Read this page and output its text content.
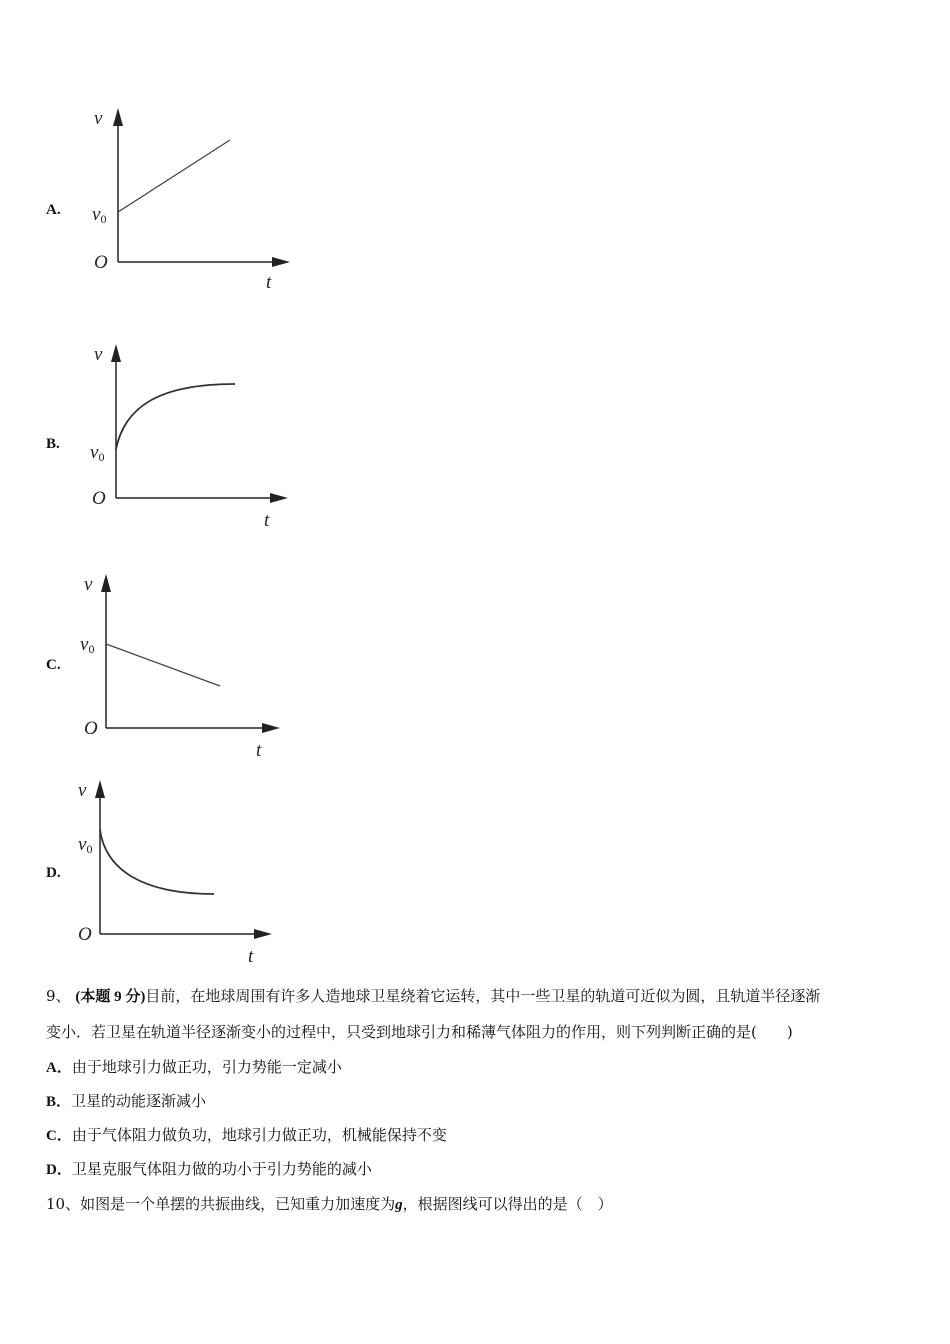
A.
v
v0
O
t
B.
v
v0
O
t
C.
v
v0
O
t
D.
v
v0
O
t
9、 (本题 9 分)目前，在地球周围有许多人造地球卫星绕着它运转，其中一些卫星的轨道可近似为圆，且轨道半径逐渐
变小．若卫星在轨道半径逐渐变小的过程中，只受到地球引力和稀薄气体阻力的作用，则下列判断正确的是(　　)
A．由于地球引力做正功，引力势能一定减小
B．卫星的动能逐渐减小
C．由于气体阻力做负功，地球引力做正功，机械能保持不变
D．卫星克服气体阻力做的功小于引力势能的减小
10、如图是一个单摆的共振曲线，已知重力加速度为g，根据图线可以得出的是（　）
